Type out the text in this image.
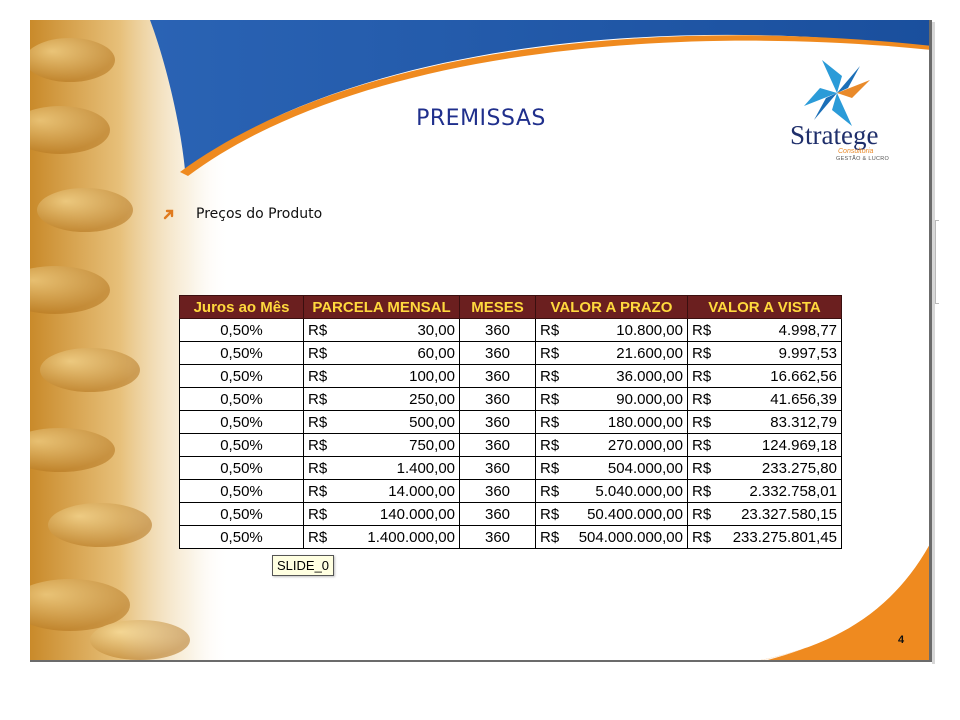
PREMISSAS
Stratege
Consultoria
GESTÃO & LUCRO
Preços do Produto
Juros ao Mês	PARCELA MENSAL	MESES	VALOR A PRAZO	VALOR A VISTA
0,50%	R$ 30,00	360	R$ 10.800,00	R$ 4.998,77

0,50%	R$ 60,00	360	R$ 21.600,00	R$ 9.997,53

0,50%	R$ 100,00	360	R$ 36.000,00	R$ 16.662,56

0,50%	R$ 250,00	360	R$ 90.000,00	R$ 41.656,39

0,50%	R$ 500,00	360	R$ 180.000,00	R$ 83.312,79

0,50%	R$ 750,00	360	R$ 270.000,00	R$ 124.969,18

0,50%	R$ 1.400,00	360	R$ 504.000,00	R$ 233.275,80

0,50%	R$ 14.000,00	360	R$ 5.040.000,00	R$ 2.332.758,01

0,50%	R$ 140.000,00	360	R$ 50.400.000,00	R$ 23.327.580,15

0,50%	R$ 1.400.000,00	360	R$ 504.000.000,00	R$ 233.275.801,45
SLIDE_0
4
